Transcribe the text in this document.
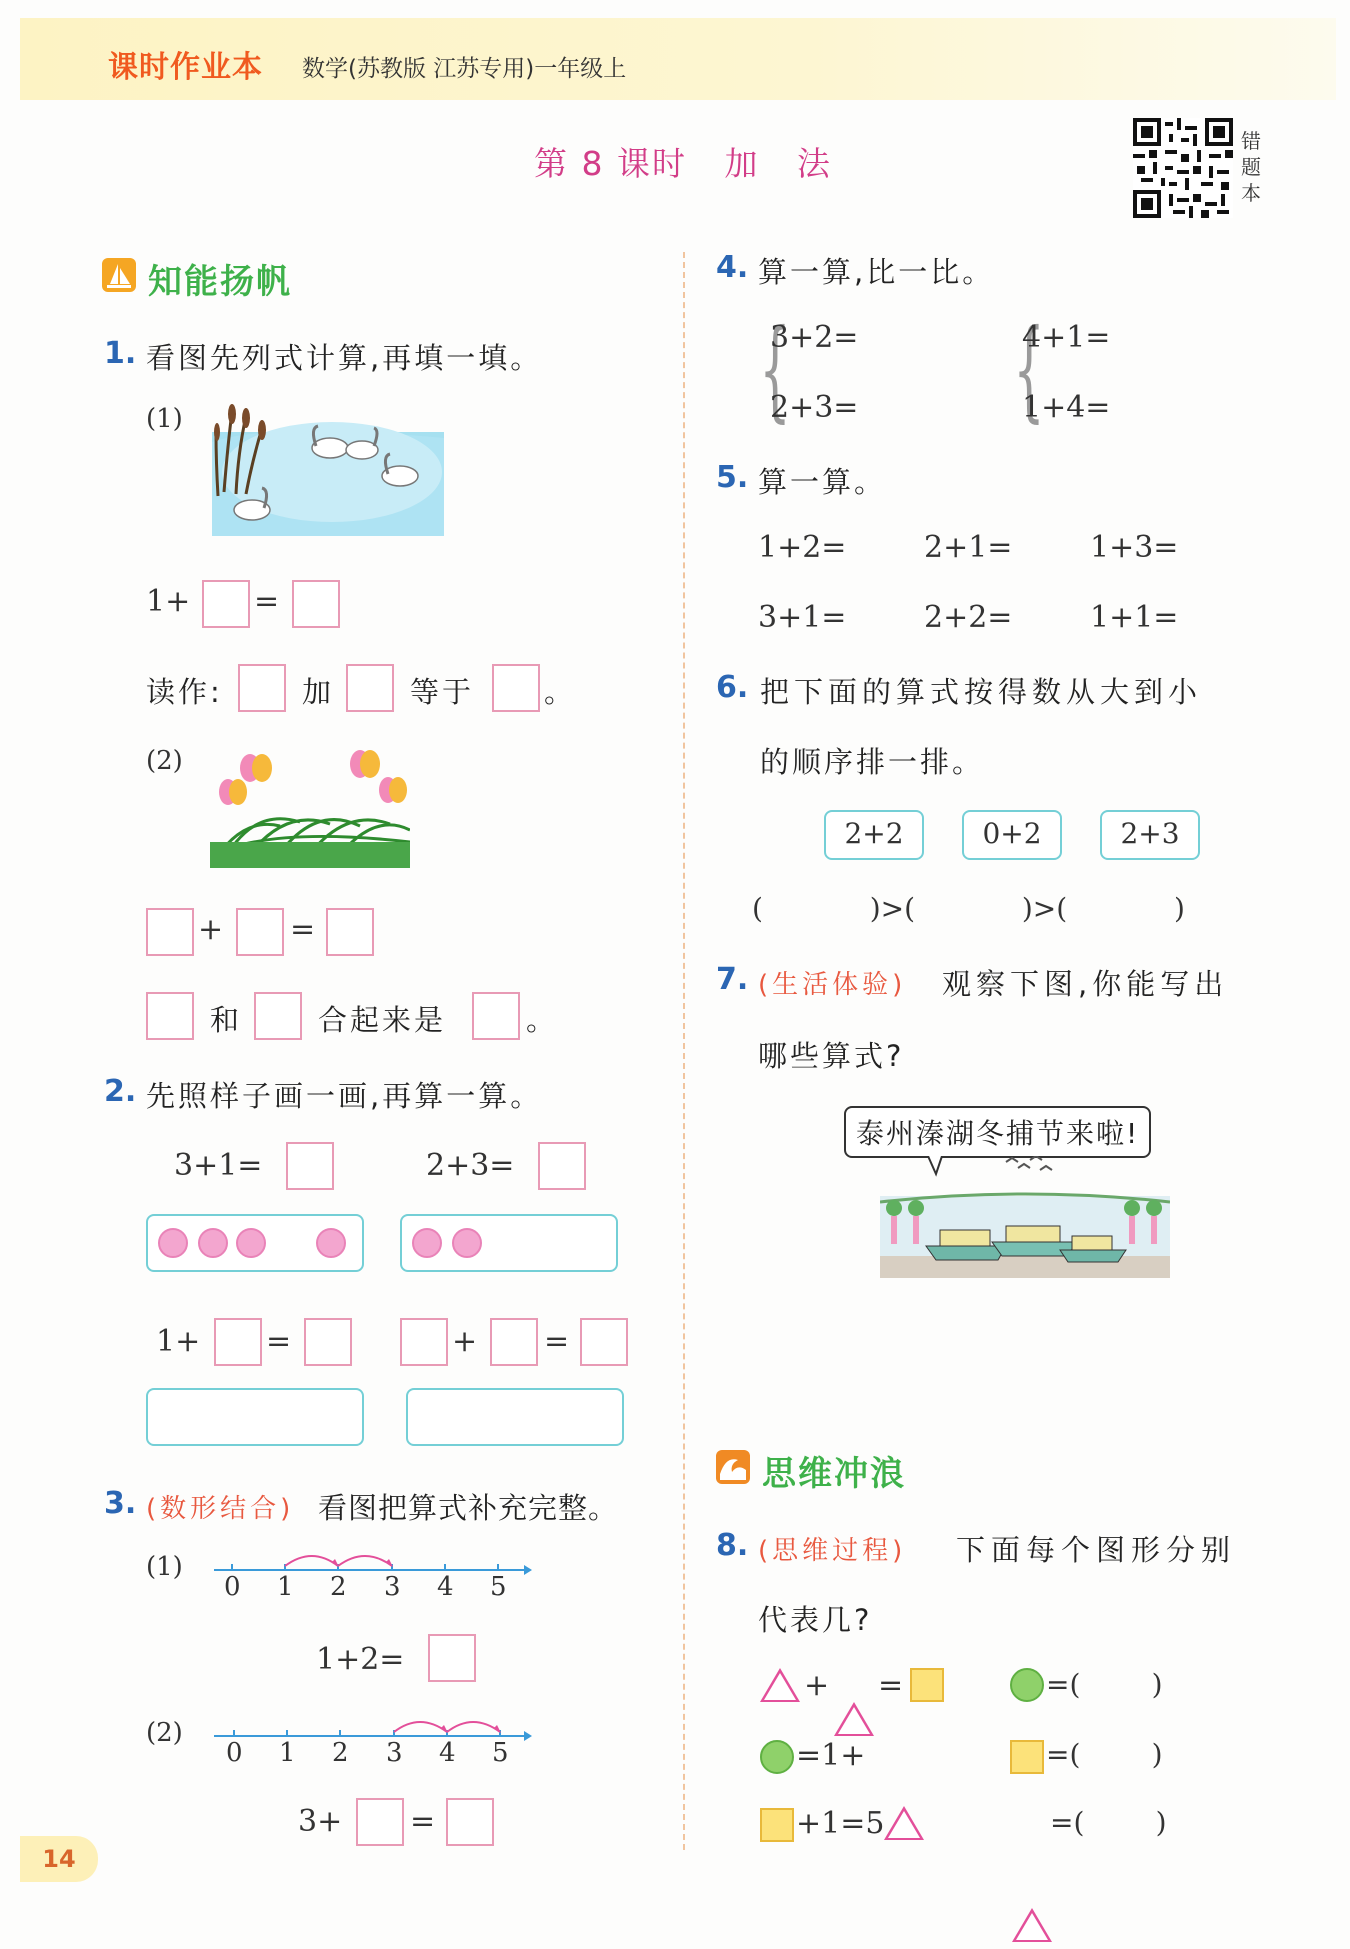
课时作业本 数学(苏教版 江苏专用)一年级上
第 8 课时   加   法
错题本
知能扬帆
1. 看图先列式计算,再填一填。
(1)
1+ =
读作:	加	等于 。
(2)
+ =
和	合起来是	。
2. 先照样子画一画,再算一算。
3+1=	2+3=
1+ =	+ =
3. (数形结合) 看图把算式补充完整。
(1)
0 1 2 3 4 5
1+2=
(2)
0 1 2 3 4 5
3+ =
4. 算一算,比一比。
{
3+2=
2+3= {
4+1=
1+4=
5. 算一算。
1+2=	2+1=	1+3=
3+1=	2+2=	1+1=
6. 把下面的算式按得数从大到小
的顺序排一排。
2+2	0+2	2+3
(            )>(            )>(            )
7. (生活体验) 观察下图,你能写出
哪些算式?
泰州溱湖冬捕节来啦!
思维冲浪
8. (思维过程) 下面每个图形分别
代表几?
+ =	=(        )
=1+	=(        )
+1=5	=(        )
14
